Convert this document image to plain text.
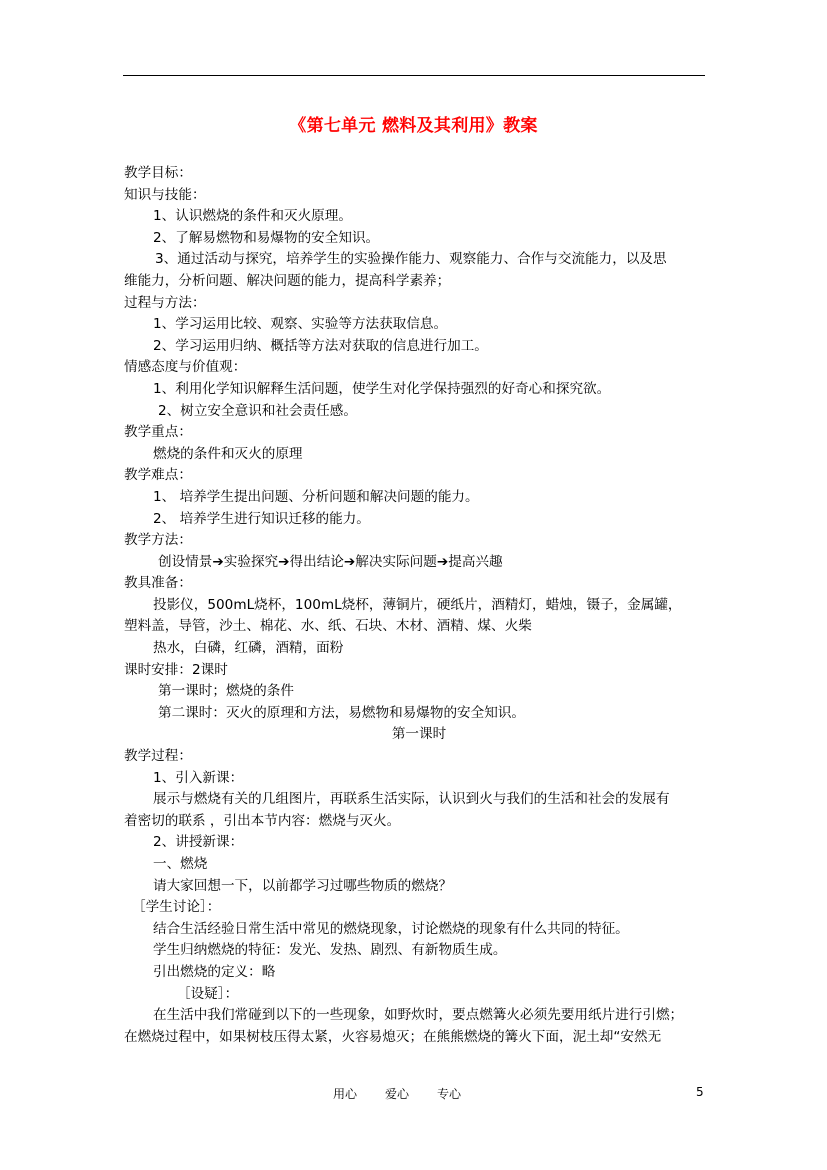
《第七单元 燃料及其利用》教案
教学目标：
知识与技能：
1、认识燃烧的条件和灭火原理。
2、了解易燃物和易爆物的安全知识。
3、通过活动与探究，培养学生的实验操作能力、观察能力、合作与交流能力，以及思
维能力，分析问题、解决问题的能力，提高科学素养；
过程与方法：
1、学习运用比较、观察、实验等方法获取信息。
2、学习运用归纳、概括等方法对获取的信息进行加工。
情感态度与价值观：
1、利用化学知识解释生活问题，使学生对化学保持强烈的好奇心和探究欲。
2、树立安全意识和社会责任感。
教学重点：
燃烧的条件和灭火的原理
教学难点：
1、 培养学生提出问题、分析问题和解决问题的能力。
2、 培养学生进行知识迁移的能力。
教学方法：
创设情景➔实验探究➔得出结论➔解决实际问题➔提高兴趣
教具准备：
投影仪，500mL烧杯，100mL烧杯，薄铜片，硬纸片，酒精灯，蜡烛，镊子，金属罐，
塑料盖，导管，沙土、棉花、水、纸、石块、木材、酒精、煤、火柴
热水，白磷，红磷，酒精，面粉
课时安排：2课时
第一课时；燃烧的条件
第二课时：灭火的原理和方法，易燃物和易爆物的安全知识。
第一课时
教学过程：
1、引入新课：
展示与燃烧有关的几组图片，再联系生活实际，认识到火与我们的生活和社会的发展有
着密切的联系 ，引出本节内容：燃烧与灭火。
2、讲授新课：
一、燃烧
请大家回想一下，以前都学习过哪些物质的燃烧？
［学生讨论］：
结合生活经验日常生活中常见的燃烧现象，讨论燃烧的现象有什么共同的特征。
学生归纳燃烧的特征：发光、发热、剧烈、有新物质生成。
引出燃烧的定义：略
［设疑］：
在生活中我们常碰到以下的一些现象，如野炊时，要点燃篝火必须先要用纸片进行引燃；
在燃烧过程中，如果树枝压得太紧，火容易熄灭；在熊熊燃烧的篝火下面，泥土却“安然无
用心 爱心 专心	5
